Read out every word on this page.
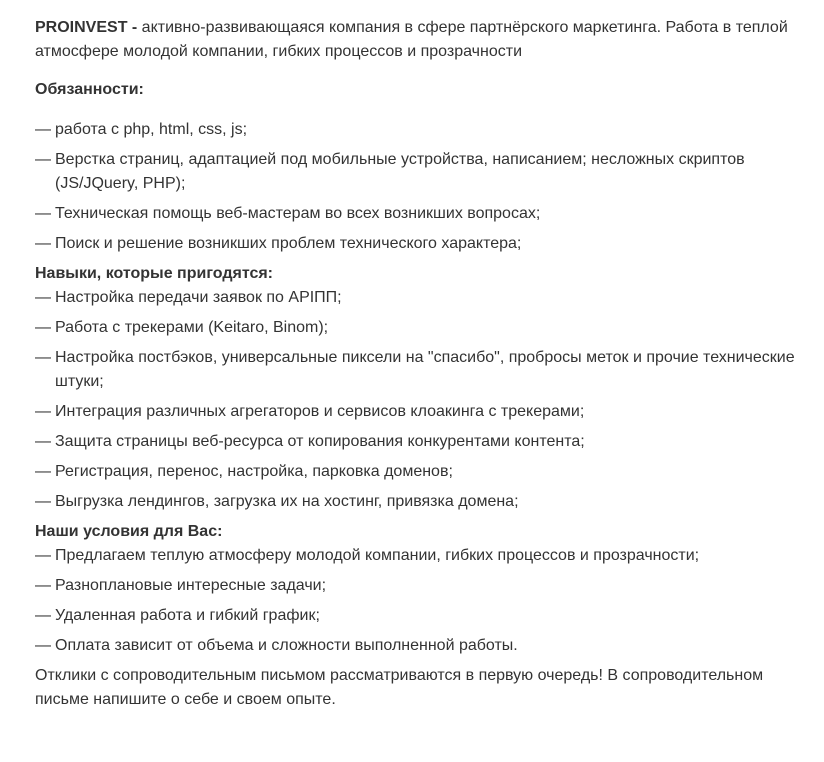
PROINVEST - активно-развивающаяся компания в сфере партнёрского маркетинга. Работа в теплой атмосфере молодой компании, гибких процессов и прозрачности

Обязанности:

— работа с php, html, css, js;
— Верстка страниц, адаптацией под мобильные устройства, написанием; несложных скриптов (JS/JQuery, PHP);
— Техническая помощь веб-мастерам во всех возникших вопросах;
— Поиск и решение возникших проблем технического характера;

Навыки, которые пригодятся:

— Настройка передачи заявок по APIПП;
— Работа с трекерами (Keitaro, Binom);
— Настройка постбэков, универсальные пиксели на "спасибо", пробросы меток и прочие технические штуки;
— Интеграция различных агрегаторов и сервисов клоакинга с трекерами;
— Защита страницы веб-ресурса от копирования конкурентами контента;
— Регистрация, перенос, настройка, парковка доменов;
— Выгрузка лендингов, загрузка их на хостинг, привязка домена;

Наши условия для Вас:

— Предлагаем теплую атмосферу молодой компании, гибких процессов и прозрачности;
— Разноплановые интересные задачи;
— Удаленная работа и гибкий график;
— Оплата зависит от объема и сложности выполненной работы.

Отклики с сопроводительным письмом рассматриваются в первую очередь! В сопроводительном письме напишите о себе и своем опыте.
